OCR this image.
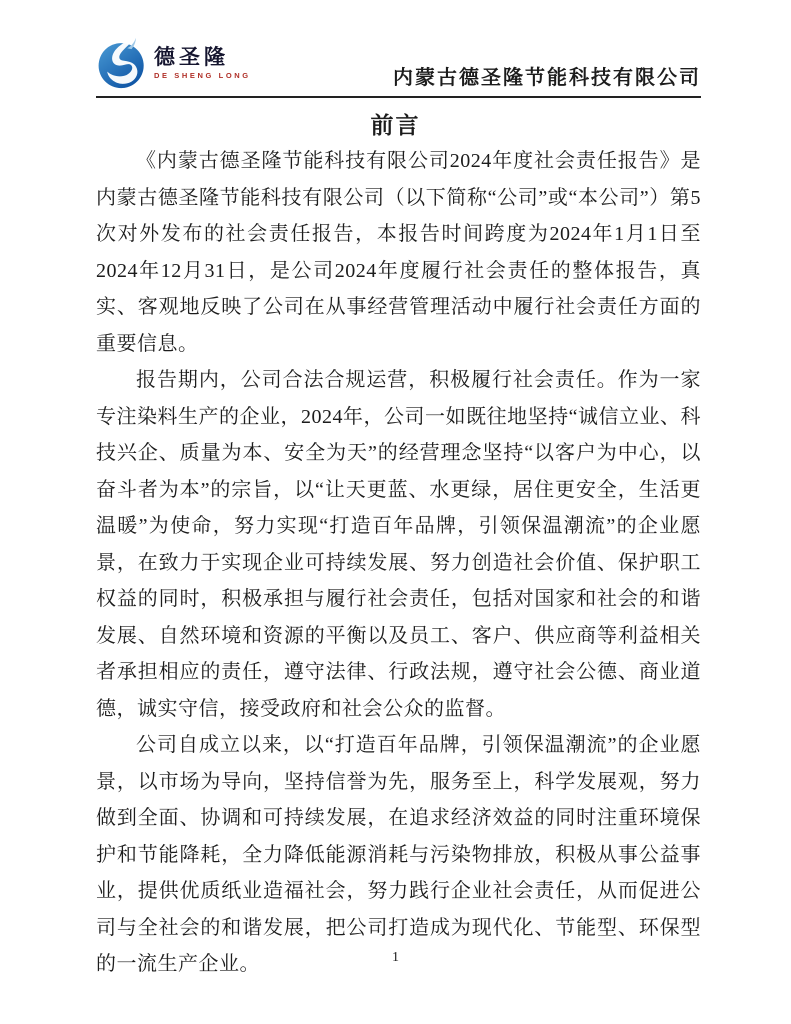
德圣隆
DE SHENG LONG	内蒙古德圣隆节能科技有限公司
前言

《内蒙古德圣隆节能科技有限公司2024年度社会责任报告》是内蒙古德圣隆节能科技有限公司（以下简称“公司”或“本公司”）第5次对外发布的社会责任报告，本报告时间跨度为2024年1月1日至2024年12月31日，是公司2024年度履行社会责任的整体报告，真实、客观地反映了公司在从事经营管理活动中履行社会责任方面的重要信息。

报告期内，公司合法合规运营，积极履行社会责任。作为一家专注染料生产的企业，2024年，公司一如既往地坚持“诚信立业、科技兴企、质量为本、安全为天”的经营理念坚持“以客户为中心，以奋斗者为本”的宗旨，以“让天更蓝、水更绿，居住更安全，生活更温暖”为使命，努力实现“打造百年品牌，引领保温潮流”的企业愿景，在致力于实现企业可持续发展、努力创造社会价值、保护职工权益的同时，积极承担与履行社会责任，包括对国家和社会的和谐发展、自然环境和资源的平衡以及员工、客户、供应商等利益相关者承担相应的责任，遵守法律、行政法规，遵守社会公德、商业道德，诚实守信，接受政府和社会公众的监督。

公司自成立以来，以“打造百年品牌，引领保温潮流”的企业愿景，以市场为导向，坚持信誉为先，服务至上，科学发展观，努力做到全面、协调和可持续发展，在追求经济效益的同时注重环境保护和节能降耗，全力降低能源消耗与污染物排放，积极从事公益事业，提供优质纸业造福社会，努力践行企业社会责任，从而促进公司与全社会的和谐发展，把公司打造成为现代化、节能型、环保型的一流生产企业。	1
